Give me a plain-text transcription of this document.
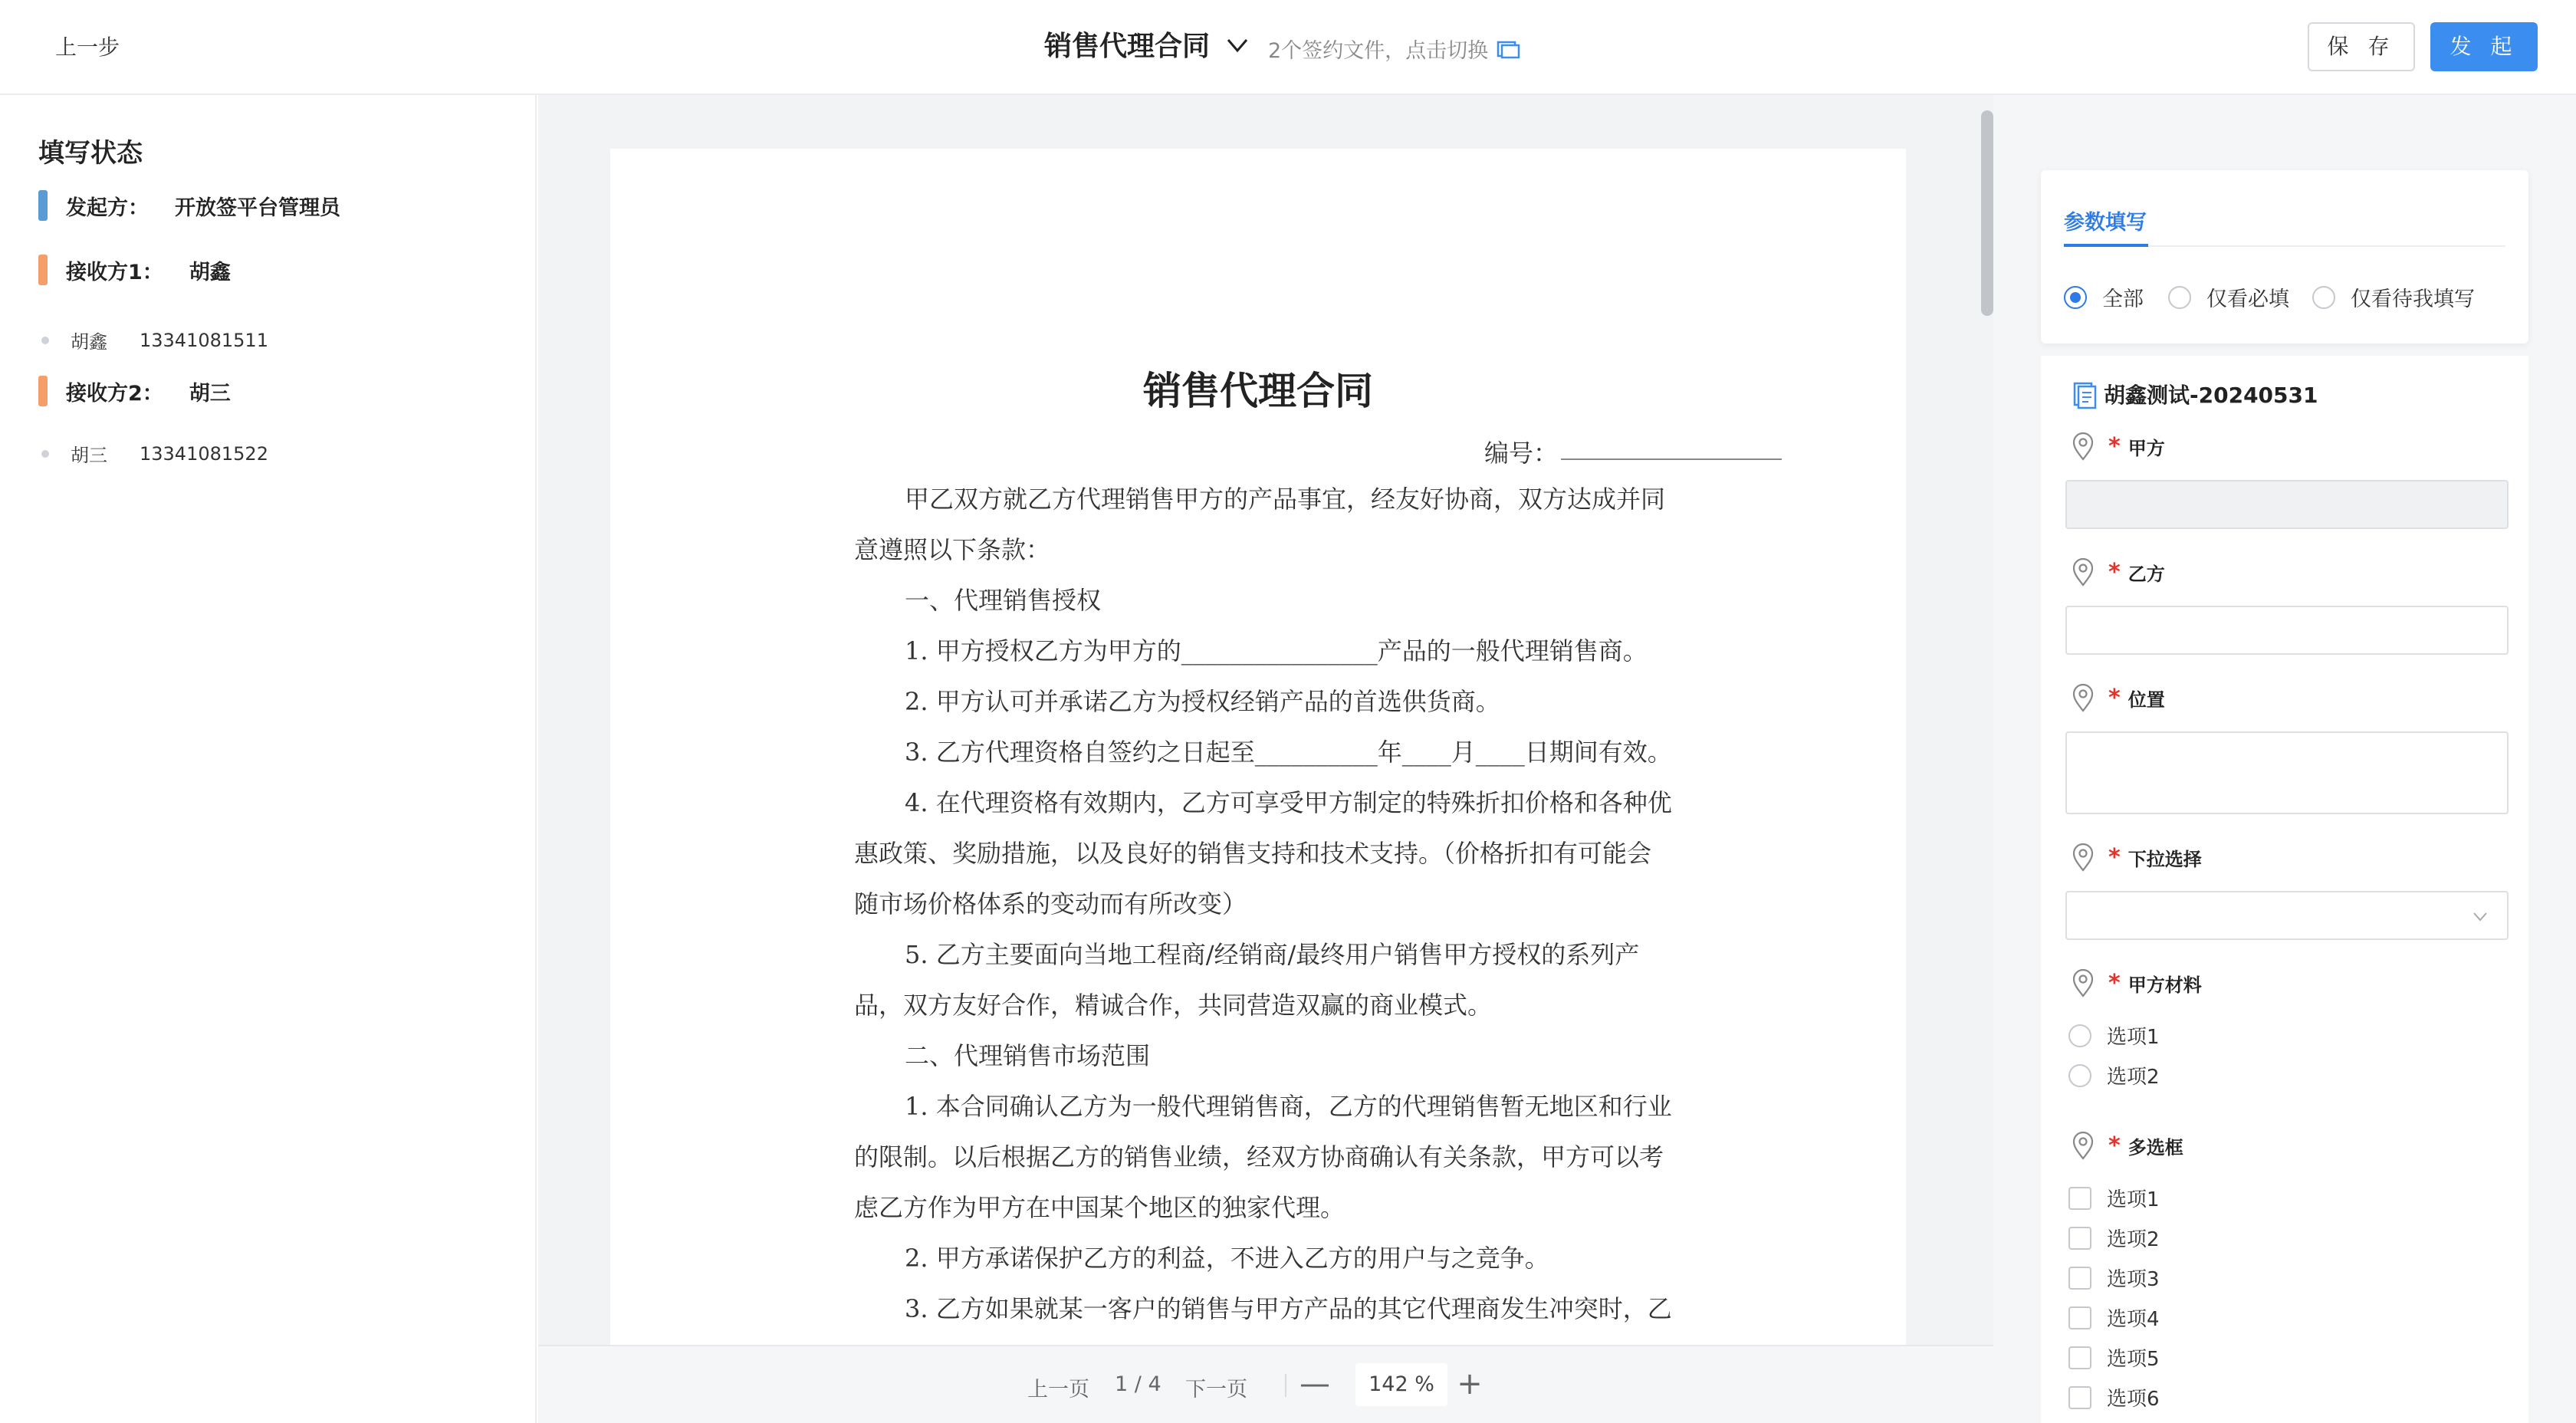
上一步	销售代理合同	2个签约文件，点击切换	保 存	发 起
填写状态
发起方： 开放签平台管理员
接收方1： 胡鑫
胡鑫 13341081511
接收方2： 胡三
胡三 13341081522
销售代理合同
编号：
甲乙双方就乙方代理销售甲方的产品事宜，经友好协商，双方达成并同
意遵照以下条款：
一、代理销售授权
1. 甲方授权乙方为甲方的________________产品的一般代理销售商。
2. 甲方认可并承诺乙方为授权经销产品的首选供货商。
3. 乙方代理资格自签约之日起至__________年____月____日期间有效。
4. 在代理资格有效期内，乙方可享受甲方制定的特殊折扣价格和各种优
惠政策、奖励措施，以及良好的销售支持和技术支持。（价格折扣有可能会
随市场价格体系的变动而有所改变）
5. 乙方主要面向当地工程商/经销商/最终用户销售甲方授权的系列产
品，双方友好合作，精诚合作，共同营造双赢的商业模式。
二、代理销售市场范围
1. 本合同确认乙方为一般代理销售商，乙方的代理销售暂无地区和行业
的限制。以后根据乙方的销售业绩，经双方协商确认有关条款，甲方可以考
虑乙方作为甲方在中国某个地区的独家代理。
2. 甲方承诺保护乙方的利益，不进入乙方的用户与之竞争。
3. 乙方如果就某一客户的销售与甲方产品的其它代理商发生冲突时，乙
上一页 1 / 4 下一页 —	142 % +
参数填写
全部	仅看必填	仅看待我填写
胡鑫测试-20240531
* 甲方
* 乙方
* 位置
* 下拉选择
* 甲方材料
选项1
选项2
* 多选框
选项1
选项2
选项3
选项4
选项5
选项6
